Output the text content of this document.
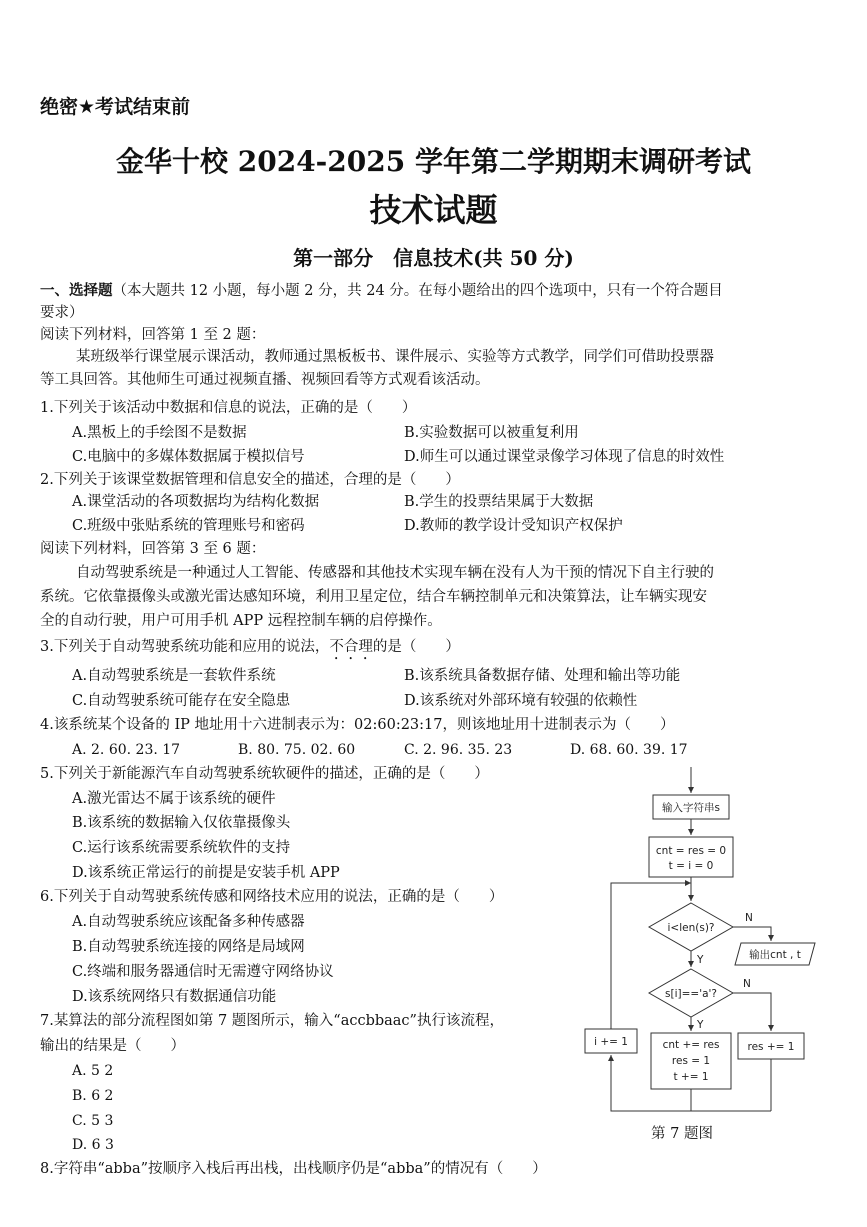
绝密★考试结束前
金华十校 2024-2025 学年第二学期期末调研考试
技术试题
第一部分　信息技术(共 50 分)
一、选择题（本大题共 12 小题，每小题 2 分，共 24 分。在每小题给出的四个选项中，只有一个符合题目
要求）
阅读下列材料，回答第 1 至 2 题：
某班级举行课堂展示课活动，教师通过黑板板书、课件展示、实验等方式教学，同学们可借助投票器
等工具回答。其他师生可通过视频直播、视频回看等方式观看该活动。
1.下列关于该活动中数据和信息的说法，正确的是（　　）
A.黑板上的手绘图不是数据	B.实验数据可以被重复利用
C.电脑中的多媒体数据属于模拟信号	D.师生可以通过课堂录像学习体现了信息的时效性
2.下列关于该课堂数据管理和信息安全的描述，合理的是（　　）
A.课堂活动的各项数据均为结构化数据	B.学生的投票结果属于大数据
C.班级中张贴系统的管理账号和密码	D.教师的教学设计受知识产权保护
阅读下列材料，回答第 3 至 6 题：
自动驾驶系统是一种通过人工智能、传感器和其他技术实现车辆在没有人为干预的情况下自主行驶的
系统。它依靠摄像头或激光雷达感知环境，利用卫星定位，结合车辆控制单元和决策算法，让车辆实现安
全的自动行驶，用户可用手机 APP 远程控制车辆的启停操作。
3.下列关于自动驾驶系统功能和应用的说法，不合理的是（　　）
A.自动驾驶系统是一套软件系统	B.该系统具备数据存储、处理和输出等功能
C.自动驾驶系统可能存在安全隐患	D.该系统对外部环境有较强的依赖性
4.该系统某个设备的 IP 地址用十六进制表示为：02:60:23:17，则该地址用十进制表示为（　　）
A. 2. 60. 23. 17	B. 80. 75. 02. 60	C. 2. 96. 35. 23	D. 68. 60. 39. 17
5.下列关于新能源汽车自动驾驶系统软硬件的描述，正确的是（　　）
A.激光雷达不属于该系统的硬件
B.该系统的数据输入仅依靠摄像头
C.运行该系统需要系统软件的支持
D.该系统正常运行的前提是安装手机 APP
6.下列关于自动驾驶系统传感和网络技术应用的说法，正确的是（　　）
A.自动驾驶系统应该配备多种传感器
B.自动驾驶系统连接的网络是局域网
C.终端和服务器通信时无需遵守网络协议
D.该系统网络只有数据通信功能
7.某算法的部分流程图如第 7 题图所示，输入“accbbaac”执行该流程，
输出的结果是（　　）
A. 5 2
B. 6 2
C. 5 3
D. 6 3
8.字符串“abba”按顺序入栈后再出栈，出栈顺序仍是“abba”的情况有（　　）
输入字符串s
cnt = res = 0
t = i = 0
i<len(s)?
N
输出cnt , t
Y
s[i]=='a'?
N
Y
res += 1
cnt += res
res = 1
t += 1
i += 1
第 7 题图
